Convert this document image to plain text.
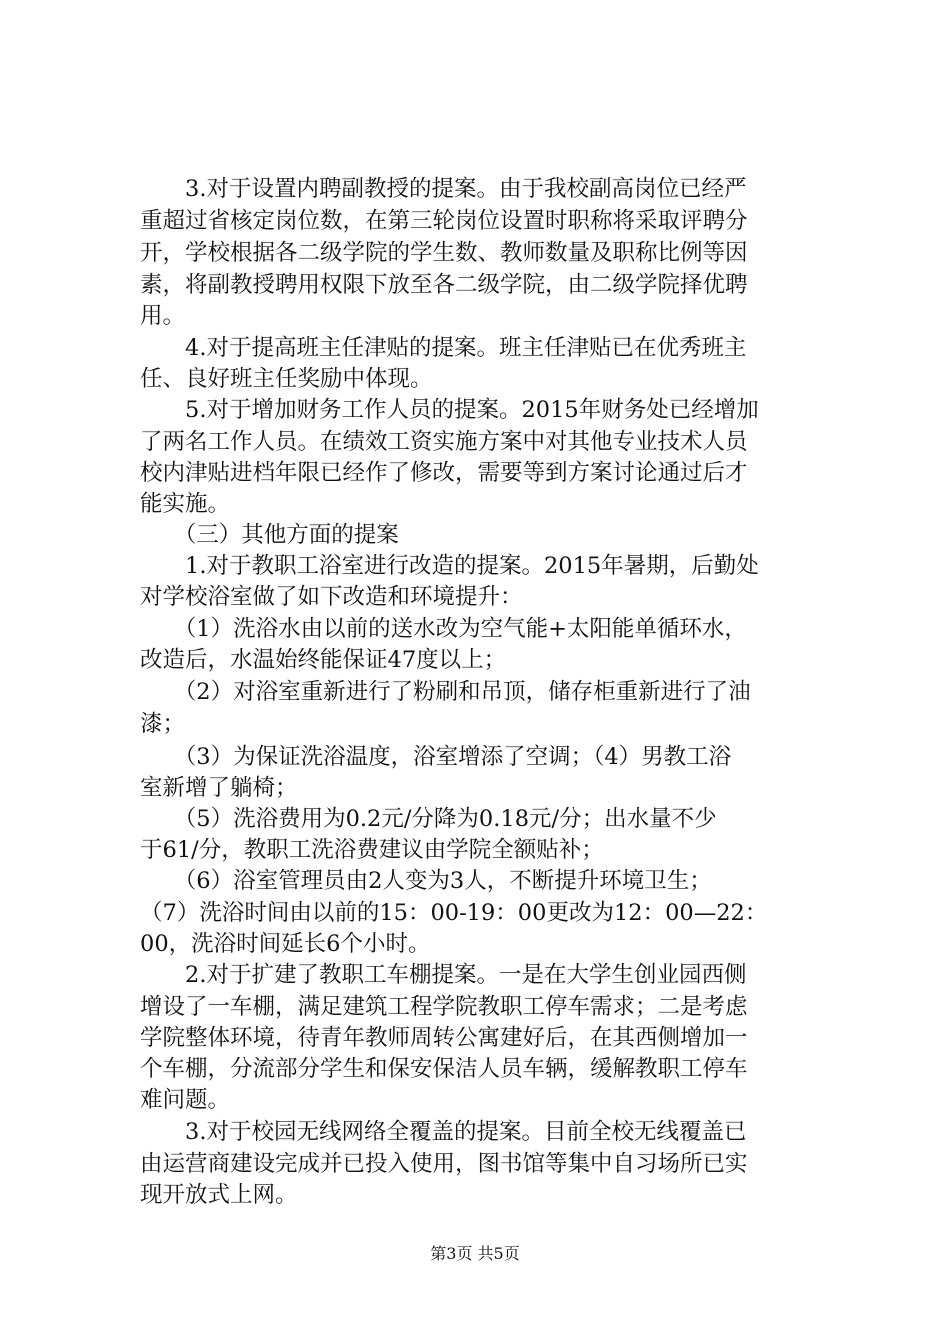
　　3.对于设置内聘副教授的提案。由于我校副高岗位已经严
重超过省核定岗位数，在第三轮岗位设置时职称将采取评聘分
开，学校根据各二级学院的学生数、教师数量及职称比例等因
素，将副教授聘用权限下放至各二级学院，由二级学院择优聘
用。
　　4.对于提高班主任津贴的提案。班主任津贴已在优秀班主
任、良好班主任奖励中体现。
　　5.对于增加财务工作人员的提案。2015年财务处已经增加
了两名工作人员。在绩效工资实施方案中对其他专业技术人员
校内津贴进档年限已经作了修改，需要等到方案讨论通过后才
能实施。
　　（三）其他方面的提案
　　1.对于教职工浴室进行改造的提案。2015年暑期，后勤处
对学校浴室做了如下改造和环境提升：
　　（1）洗浴水由以前的送水改为空气能+太阳能单循环水，
改造后，水温始终能保证47度以上；
　　（2）对浴室重新进行了粉刷和吊顶，储存柜重新进行了油
漆；
　　（3）为保证洗浴温度，浴室增添了空调；（4）男教工浴
室新增了躺椅；
　　（5）洗浴费用为0.2元/分降为0.18元/分；出水量不少
于61/分，教职工洗浴费建议由学院全额贴补；
　　（6）浴室管理员由2人变为3人，不断提升环境卫生；
（7）洗浴时间由以前的15：00-19：00更改为12：00—22：
00，洗浴时间延长6个小时。
　　2.对于扩建了教职工车棚提案。一是在大学生创业园西侧
增设了一车棚，满足建筑工程学院教职工停车需求；二是考虑
学院整体环境，待青年教师周转公寓建好后，在其西侧增加一
个车棚，分流部分学生和保安保洁人员车辆，缓解教职工停车
难问题。
　　3.对于校园无线网络全覆盖的提案。目前全校无线覆盖已
由运营商建设完成并已投入使用，图书馆等集中自习场所已实
现开放式上网。
第3页 共5页
